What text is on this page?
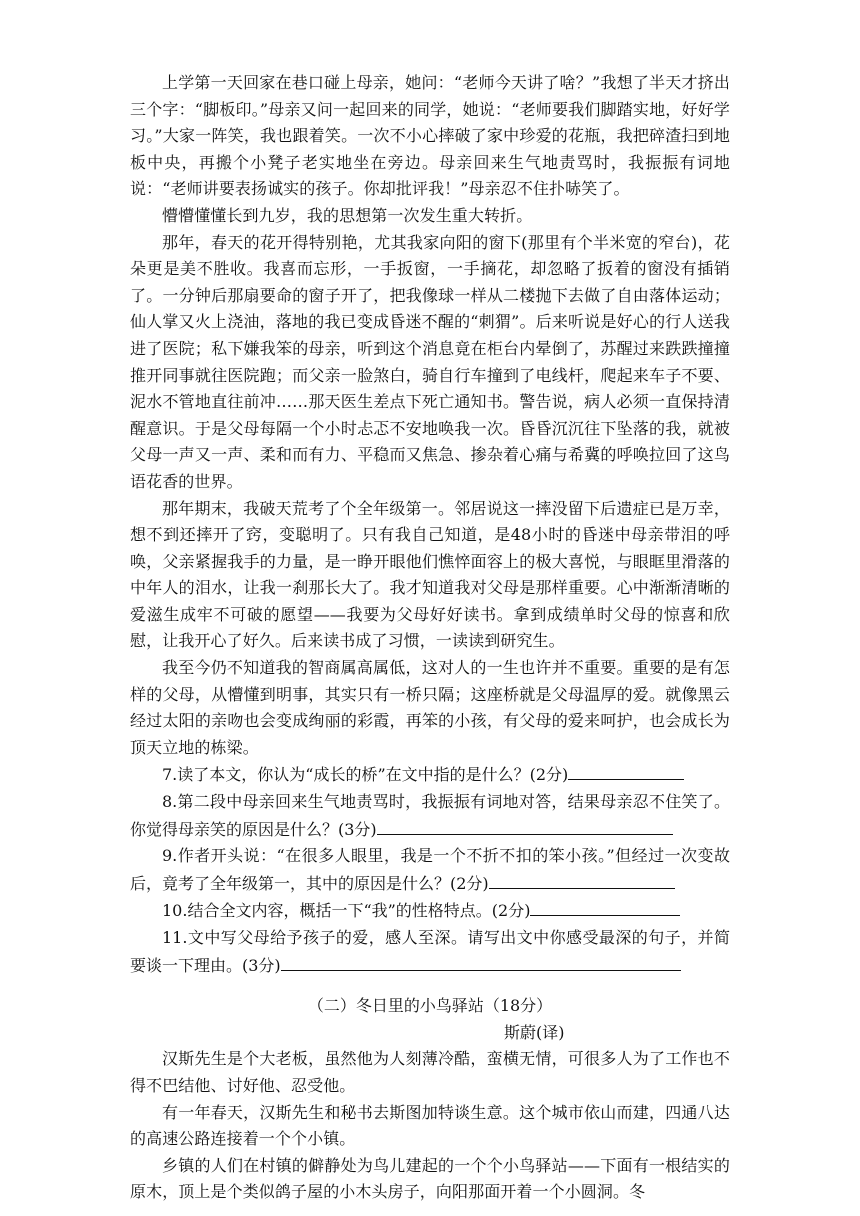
上学第一天回家在巷口碰上母亲，她问：“老师今天讲了啥？”我想了半天才挤出三个字：“脚板印。”母亲又问一起回来的同学，她说：“老师要我们脚踏实地，好好学习。”大家一阵笑，我也跟着笑。一次不小心摔破了家中珍爱的花瓶，我把碎渣扫到地板中央，再搬个小凳子老实地坐在旁边。母亲回来生气地责骂时，我振振有词地说：“老师讲要表扬诚实的孩子。你却批评我！”母亲忍不住扑哧笑了。

懵懵懂懂长到九岁，我的思想第一次发生重大转折。

那年，春天的花开得特别艳，尤其我家向阳的窗下(那里有个半米宽的窄台)，花朵更是美不胜收。我喜而忘形，一手扳窗，一手摘花，却忽略了扳着的窗没有插销了。一分钟后那扇要命的窗子开了，把我像球一样从二楼抛下去做了自由落体运动；仙人掌又火上浇油，落地的我已变成昏迷不醒的“刺猬”。后来听说是好心的行人送我进了医院；私下嫌我笨的母亲，听到这个消息竟在柜台内晕倒了，苏醒过来跌跌撞撞推开同事就往医院跑；而父亲一脸煞白，骑自行车撞到了电线杆，爬起来车子不要、泥水不管地直往前冲……那天医生差点下死亡通知书。警告说，病人必须一直保持清醒意识。于是父母每隔一个小时忐忑不安地唤我一次。昏昏沉沉往下坠落的我，就被父母一声又一声、柔和而有力、平稳而又焦急、掺杂着心痛与希冀的呼唤拉回了这鸟语花香的世界。

那年期末，我破天荒考了个全年级第一。邻居说这一摔没留下后遗症已是万幸，想不到还摔开了窍，变聪明了。只有我自己知道，是48小时的昏迷中母亲带泪的呼唤，父亲紧握我手的力量，是一睁开眼他们憔悴面容上的极大喜悦，与眼眶里滑落的中年人的泪水，让我一刹那长大了。我才知道我对父母是那样重要。心中渐渐清晰的爱滋生成牢不可破的愿望——我要为父母好好读书。拿到成绩单时父母的惊喜和欣慰，让我开心了好久。后来读书成了习惯，一读读到研究生。

我至今仍不知道我的智商属高属低，这对人的一生也许并不重要。重要的是有怎样的父母，从懵懂到明事，其实只有一桥只隔；这座桥就是父母温厚的爱。就像黑云经过太阳的亲吻也会变成绚丽的彩霞，再笨的小孩，有父母的爱来呵护，也会成长为顶天立地的栋梁。

7.读了本文，你认为“成长的桥”在文中指的是什么？(2分)

8.第二段中母亲回来生气地责骂时，我振振有词地对答，结果母亲忍不住笑了。你觉得母亲笑的原因是什么？(3分)

9.作者开头说：“在很多人眼里，我是一个不折不扣的笨小孩。”但经过一次变故后，竟考了全年级第一，其中的原因是什么？(2分)

10.结合全文内容，概括一下“我”的性格特点。(2分)

11.文中写父母给予孩子的爱，感人至深。请写出文中你感受最深的句子，并简要谈一下理由。(3分)

（二）冬日里的小鸟驿站（18分）

斯蔚(译)

汉斯先生是个大老板，虽然他为人刻薄冷酷，蛮横无情，可很多人为了工作也不得不巴结他、讨好他、忍受他。

有一年春天，汉斯先生和秘书去斯图加特谈生意。这个城市依山而建，四通八达的高速公路连接着一个个小镇。

乡镇的人们在村镇的僻静处为鸟儿建起的一个个小鸟驿站——下面有一根结实的原木，顶上是个类似鸽子屋的小木头房子，向阳那面开着一个小圆洞。冬
